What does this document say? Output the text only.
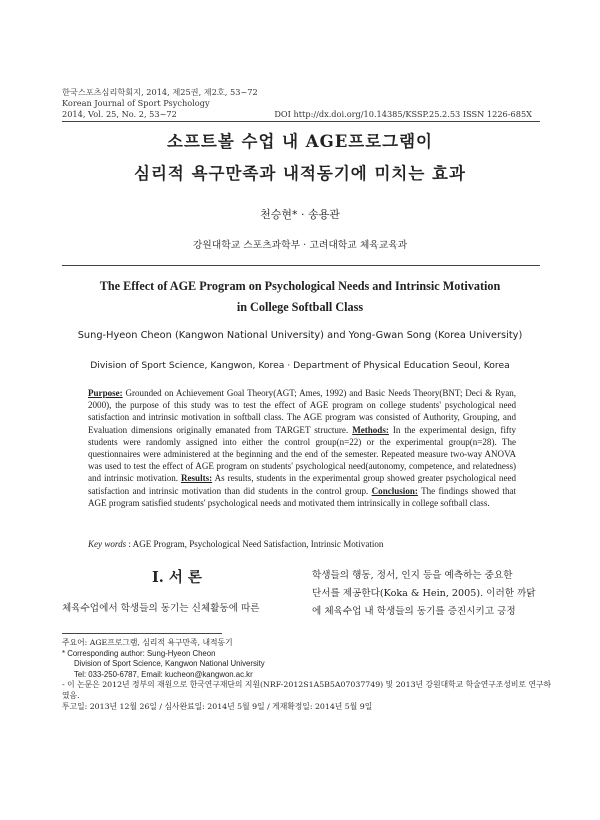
한국스포츠심리학회지, 2014, 제25권, 제2호, 53~72
Korean Journal of Sport Psychology
2014, Vol. 25, No. 2, 53~72	DOI http://dx.doi.org/10.14385/KSSP.25.2.53 ISSN 1226-685X
소프트볼 수업 내 AGE프로그램이
심리적 욕구만족과 내적동기에 미치는 효과
천승현* · 송용관
강원대학교 스포츠과학부 · 고려대학교 체육교육과
The Effect of AGE Program on Psychological Needs and Intrinsic Motivation
in College Softball Class
Sung-Hyeon Cheon (Kangwon National University) and Yong-Gwan Song (Korea University)
Division of Sport Science, Kangwon, Korea · Department of Physical Education Seoul, Korea
Purpose: Grounded on Achievement Goal Theory(AGT; Ames, 1992) and Basic Needs Theory(BNT; Deci & Ryan, 2000), the purpose of this study was to test the effect of AGE program on college students' psychological need satisfaction and intrinsic motivation in softball class. The AGE program was consisted of Authority, Grouping, and Evaluation dimensions originally emanated from TARGET structure. Methods: In the experimental design, fifty students were randomly assigned into either the control group(n=22) or the experimental group(n=28). The questionnaires were administered at the beginning and the end of the semester. Repeated measure two-way ANOVA was used to test the effect of AGE program on students' psychological need(autonomy, competence, and relatedness) and intrinsic motivation. Results: As results, students in the experimental group showed greater psychological need satisfaction and intrinsic motivation than did students in the control group. Conclusion: The findings showed that AGE program satisfied students' psychological needs and motivated them intrinsically in college softball class.
Key words : AGE Program, Psychological Need Satisfaction, Intrinsic Motivation
I. 서 론
체육수업에서 학생들의 동기는 신체활동에 따른
학생들의 행동, 정서, 인지 등을 예측하는 중요한
단서를 제공한다(Koka & Hein, 2005). 이러한 까닭
에 체육수업 내 학생들의 동기를 증진시키고 긍정
주요어: AGE프로그램, 심리적 욕구만족, 내적동기
* Corresponding author: Sung-Hyeon Cheon
Division of Sport Science, Kangwon National University
Tel: 033-250-6787, Email: kucheon@kangwon.ac.kr
- 이 논문은 2012년 정부의 재원으로 한국연구재단의 지원(NRF-2012S1A5B5A07037749) 및 2013년 강원대학교 학술연구조성비로 연구하였음.
투고일: 2013년 12월 26일 / 심사완료일: 2014년 5월 9일 / 게재확정일: 2014년 5월 9일
